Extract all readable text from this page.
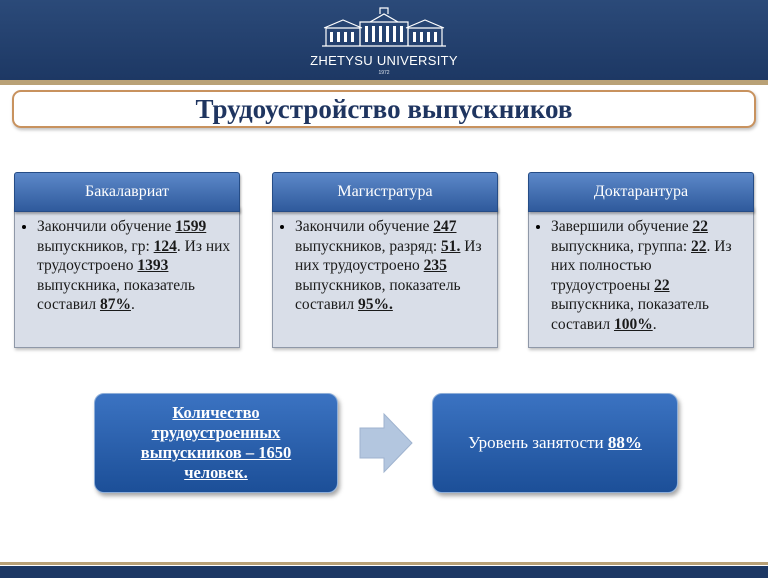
ZHETYSU UNIVERSITY
1972
Трудоустройство выпускников
Бакалавриат
• Закончили обучение 1599 выпускников, гр: 124. Из них трудоустроено 1393 выпускника, показатель составил 87%.
Магистратура
• Закончили обучение 247 выпускников, разряд: 51. Из них трудоустроено 235 выпускников, показатель составил 95%.
Доктарантура
• Завершили обучение 22 выпускника, группа: 22. Из них полностью трудоустроены 22 выпускника, показатель составил 100%.
Количество трудоустроенных выпускников – 1650 человек.
Уровень занятости 88%
